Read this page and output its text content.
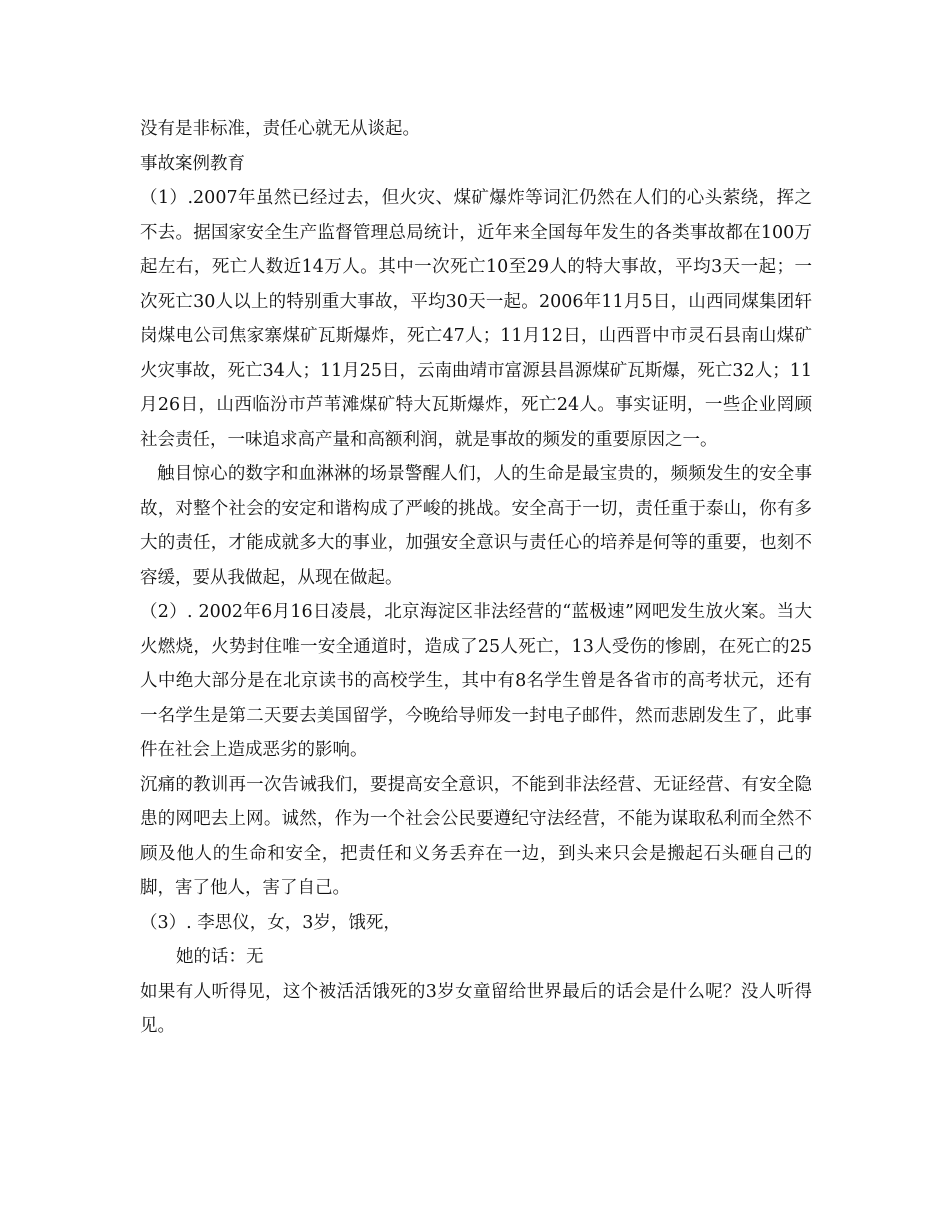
没有是非标准，责任心就无从谈起。

事故案例教育

（1）.2007年虽然已经过去，但火灾、煤矿爆炸等词汇仍然在人们的心头萦绕，挥之不去。据国家安全生产监督管理总局统计，近年来全国每年发生的各类事故都在100万起左右，死亡人数近14万人。其中一次死亡10至29人的特大事故，平均3天一起；一次死亡30人以上的特别重大事故，平均30天一起。2006年11月5日，山西同煤集团轩岗煤电公司焦家寨煤矿瓦斯爆炸，死亡47人；11月12日，山西晋中市灵石县南山煤矿火灾事故，死亡34人；11月25日，云南曲靖市富源县昌源煤矿瓦斯爆，死亡32人；11月26日，山西临汾市芦苇滩煤矿特大瓦斯爆炸，死亡24人。事实证明，一些企业罔顾社会责任，一味追求高产量和高额利润，就是事故的频发的重要原因之一。

触目惊心的数字和血淋淋的场景警醒人们，人的生命是最宝贵的，频频发生的安全事故，对整个社会的安定和谐构成了严峻的挑战。安全高于一切，责任重于泰山，你有多大的责任，才能成就多大的事业，加强安全意识与责任心的培养是何等的重要，也刻不容缓，要从我做起，从现在做起。

（2）. 2002年6月16日凌晨，北京海淀区非法经营的“蓝极速”网吧发生放火案。当大火燃烧，火势封住唯一安全通道时，造成了25人死亡，13人受伤的惨剧，在死亡的25人中绝大部分是在北京读书的高校学生，其中有8名学生曾是各省市的高考状元，还有一名学生是第二天要去美国留学，今晚给导师发一封电子邮件，然而悲剧发生了，此事件在社会上造成恶劣的影响。

沉痛的教训再一次告诫我们，要提高安全意识，不能到非法经营、无证经营、有安全隐患的网吧去上网。诚然，作为一个社会公民要遵纪守法经营，不能为谋取私利而全然不顾及他人的生命和安全，把责任和义务丢弃在一边，到头来只会是搬起石头砸自己的脚，害了他人，害了自己。

（3）. 李思仪，女，3岁，饿死，

她的话：无

如果有人听得见，这个被活活饿死的3岁女童留给世界最后的话会是什么呢？没人听得见。
